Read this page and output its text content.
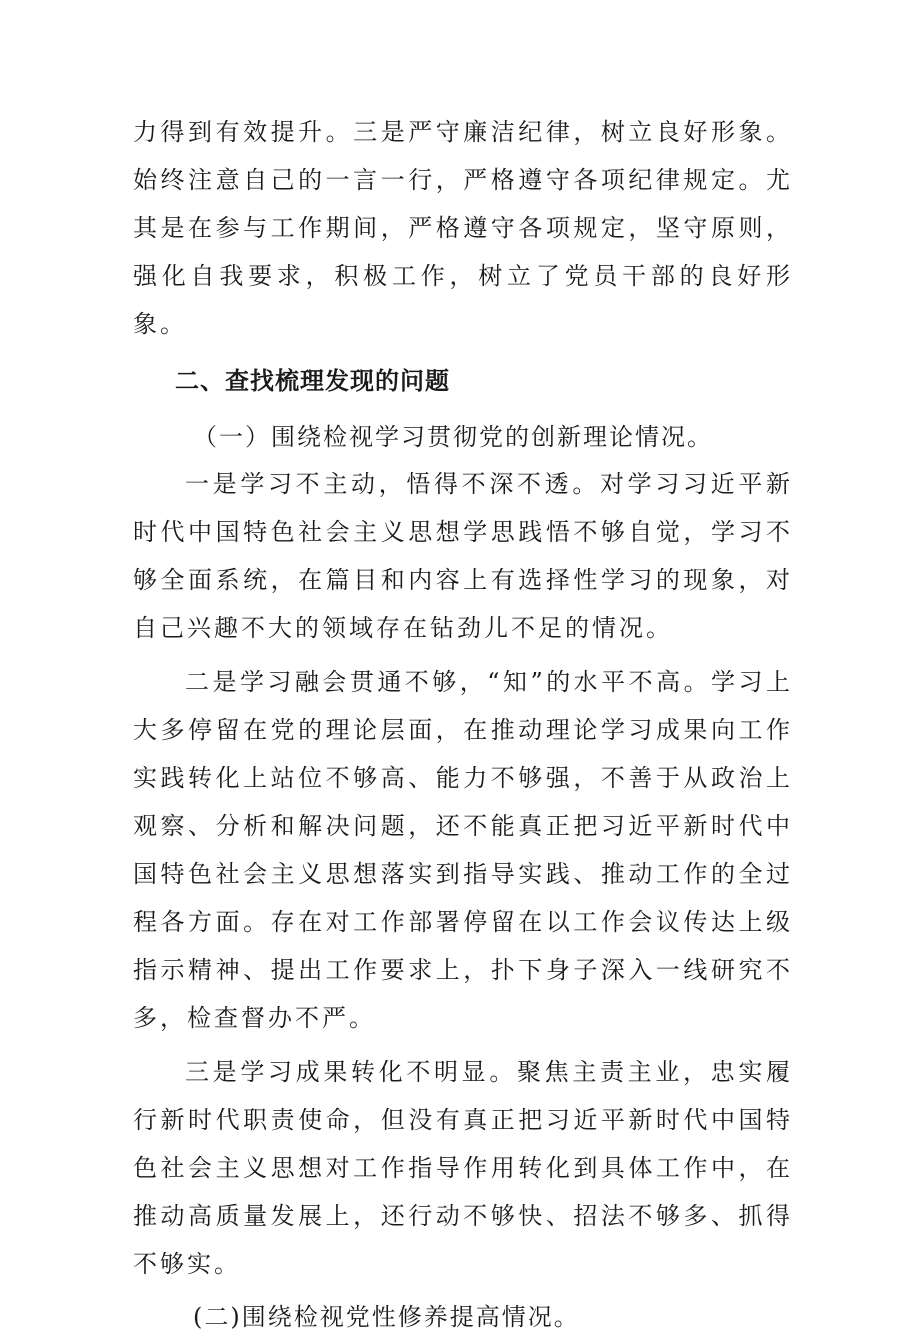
力得到有效提升。三是严守廉洁纪律，树立良好形象。始终注意自己的一言一行，严格遵守各项纪律规定。尤其是在参与工作期间，严格遵守各项规定，坚守原则，强化自我要求，积极工作，树立了党员干部的良好形象。

二、查找梳理发现的问题

（一）围绕检视学习贯彻党的创新理论情况。

一是学习不主动，悟得不深不透。对学习习近平新时代中国特色社会主义思想学思践悟不够自觉，学习不够全面系统，在篇目和内容上有选择性学习的现象，对自己兴趣不大的领域存在钻劲儿不足的情况。

二是学习融会贯通不够，“知”的水平不高。学习上大多停留在党的理论层面，在推动理论学习成果向工作实践转化上站位不够高、能力不够强，不善于从政治上观察、分析和解决问题，还不能真正把习近平新时代中国特色社会主义思想落实到指导实践、推动工作的全过程各方面。存在对工作部署停留在以工作会议传达上级指示精神、提出工作要求上，扑下身子深入一线研究不多，检查督办不严。

三是学习成果转化不明显。聚焦主责主业，忠实履行新时代职责使命，但没有真正把习近平新时代中国特色社会主义思想对工作指导作用转化到具体工作中，在推动高质量发展上，还行动不够快、招法不够多、抓得不够实。

(二)围绕检视党性修养提高情况。
